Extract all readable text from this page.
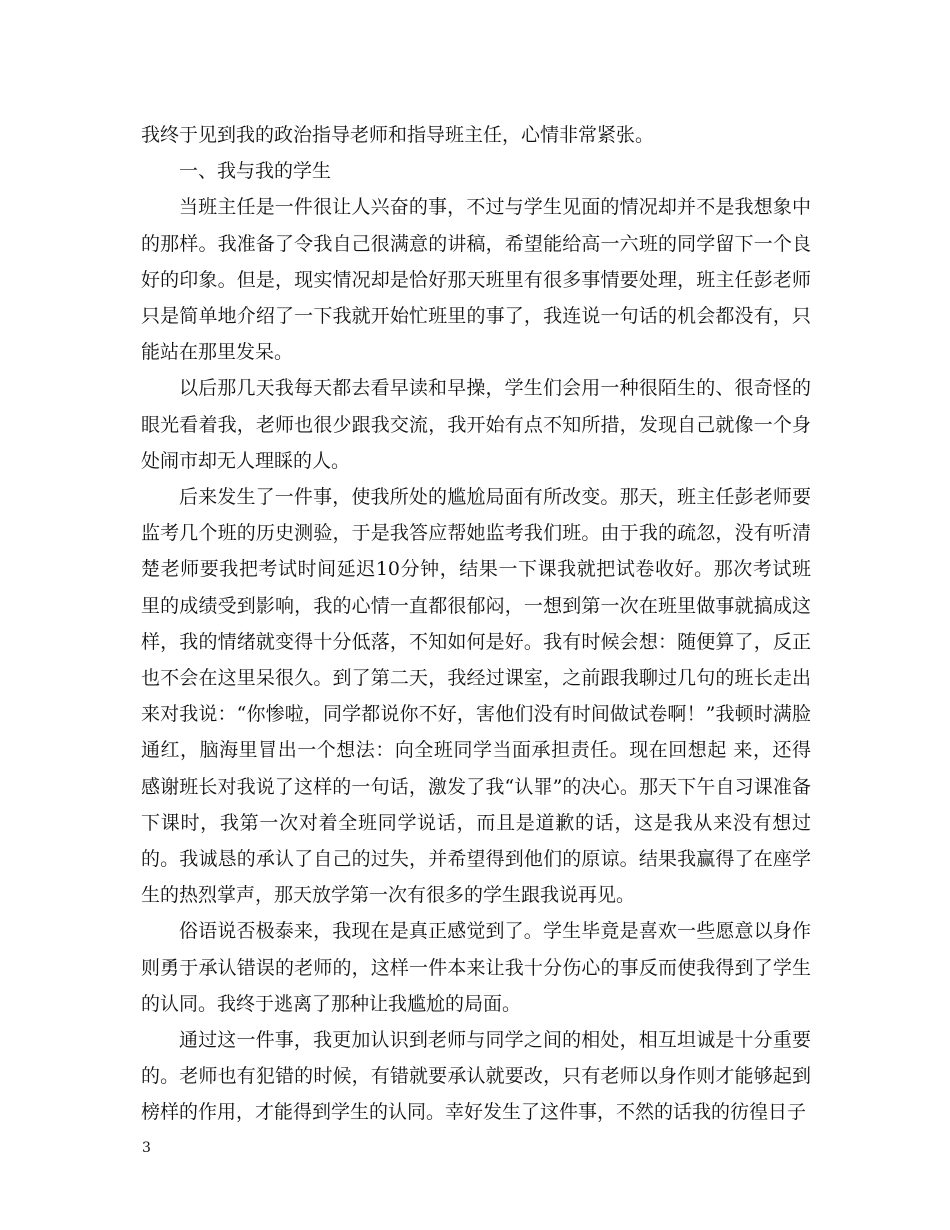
我终于见到我的政治指导老师和指导班主任，心情非常紧张。

一、我与我的学生

当班主任是一件很让人兴奋的事，不过与学生见面的情况却并不是我想象中的那样。我准备了令我自己很满意的讲稿，希望能给高一六班的同学留下一个良好的印象。但是，现实情况却是恰好那天班里有很多事情要处理，班主任彭老师只是简单地介绍了一下我就开始忙班里的事了，我连说一句话的机会都没有，只能站在那里发呆。

以后那几天我每天都去看早读和早操，学生们会用一种很陌生的、很奇怪的眼光看着我，老师也很少跟我交流，我开始有点不知所措，发现自己就像一个身处闹市却无人理睬的人。

后来发生了一件事，使我所处的尴尬局面有所改变。那天，班主任彭老师要监考几个班的历史测验，于是我答应帮她监考我们班。由于我的疏忽，没有听清楚老师要我把考试时间延迟10分钟，结果一下课我就把试卷收好。那次考试班里的成绩受到影响，我的心情一直都很郁闷，一想到第一次在班里做事就搞成这样，我的情绪就变得十分低落，不知如何是好。我有时候会想：随便算了，反正也不会在这里呆很久。到了第二天，我经过课室，之前跟我聊过几句的班长走出来对我说：“你惨啦，同学都说你不好，害他们没有时间做试卷啊！”我顿时满脸通红，脑海里冒出一个想法：向全班同学当面承担责任。现在回想起 来，还得感谢班长对我说了这样的一句话，激发了我“认罪”的决心。那天下午自习课准备下课时，我第一次对着全班同学说话，而且是道歉的话，这是我从来没有想过的。我诚恳的承认了自己的过失，并希望得到他们的原谅。结果我赢得了在座学生的热烈掌声，那天放学第一次有很多的学生跟我说再见。

俗语说否极泰来，我现在是真正感觉到了。学生毕竟是喜欢一些愿意以身作则勇于承认错误的老师的，这样一件本来让我十分伤心的事反而使我得到了学生的认同。我终于逃离了那种让我尴尬的局面。

通过这一件事，我更加认识到老师与同学之间的相处，相互坦诚是十分重要的。老师也有犯错的时候，有错就要承认就要改，只有老师以身作则才能够起到榜样的作用，才能得到学生的认同。幸好发生了这件事，不然的话我的彷徨日子

3
